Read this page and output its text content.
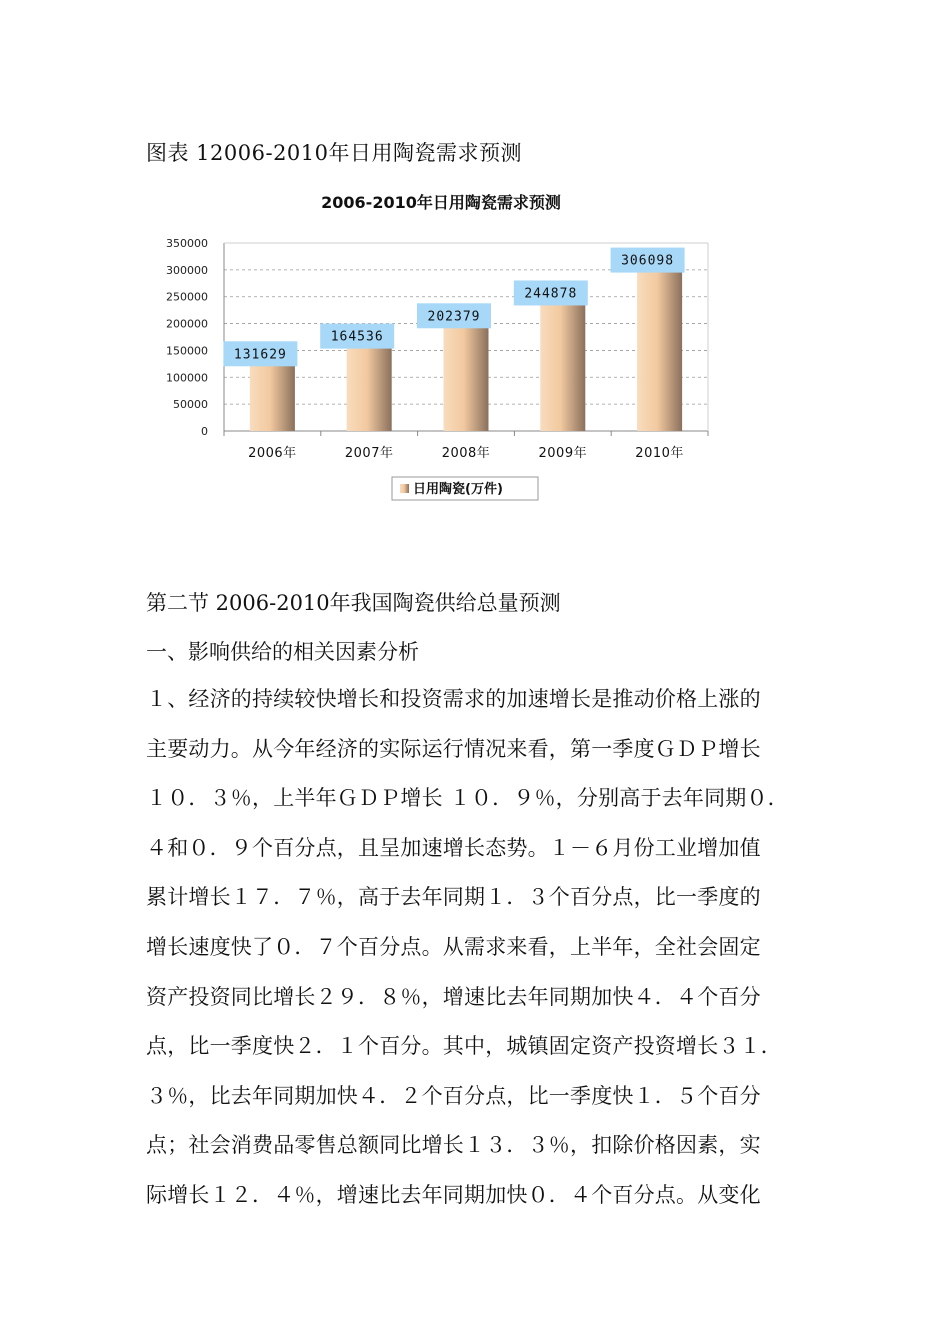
图表 12006-2010年日用陶瓷需求预测
2006-2010年日用陶瓷需求预测
0
50000
100000
150000
200000
250000
300000
350000
2006年	2007年	2008年	2009年	2010年
131629
164536
202379
244878
306098
日用陶瓷(万件)
第二节 2006-2010年我国陶瓷供给总量预测
一、影响供给的相关因素分析
１、经济的持续较快增长和投资需求的加速增长是推动价格上涨的
主要动力。从今年经济的实际运行情况来看，第一季度ＧＤＰ增长
１０．３％，上半年ＧＤＰ增长 １０．９％，分别高于去年同期０．
４和０．９个百分点，且呈加速增长态势。１－６月份工业增加值
累计增长１７．７％，高于去年同期１．３个百分点，比一季度的
增长速度快了０．７个百分点。从需求来看，上半年，全社会固定
资产投资同比增长２９．８％，增速比去年同期加快４．４个百分
点，比一季度快２．１个百分。其中，城镇固定资产投资增长３１．
３％，比去年同期加快４．２个百分点，比一季度快１．５个百分
点；社会消费品零售总额同比增长１３．３％，扣除价格因素，实
际增长１２．４％，增速比去年同期加快０．４个百分点。从变化
